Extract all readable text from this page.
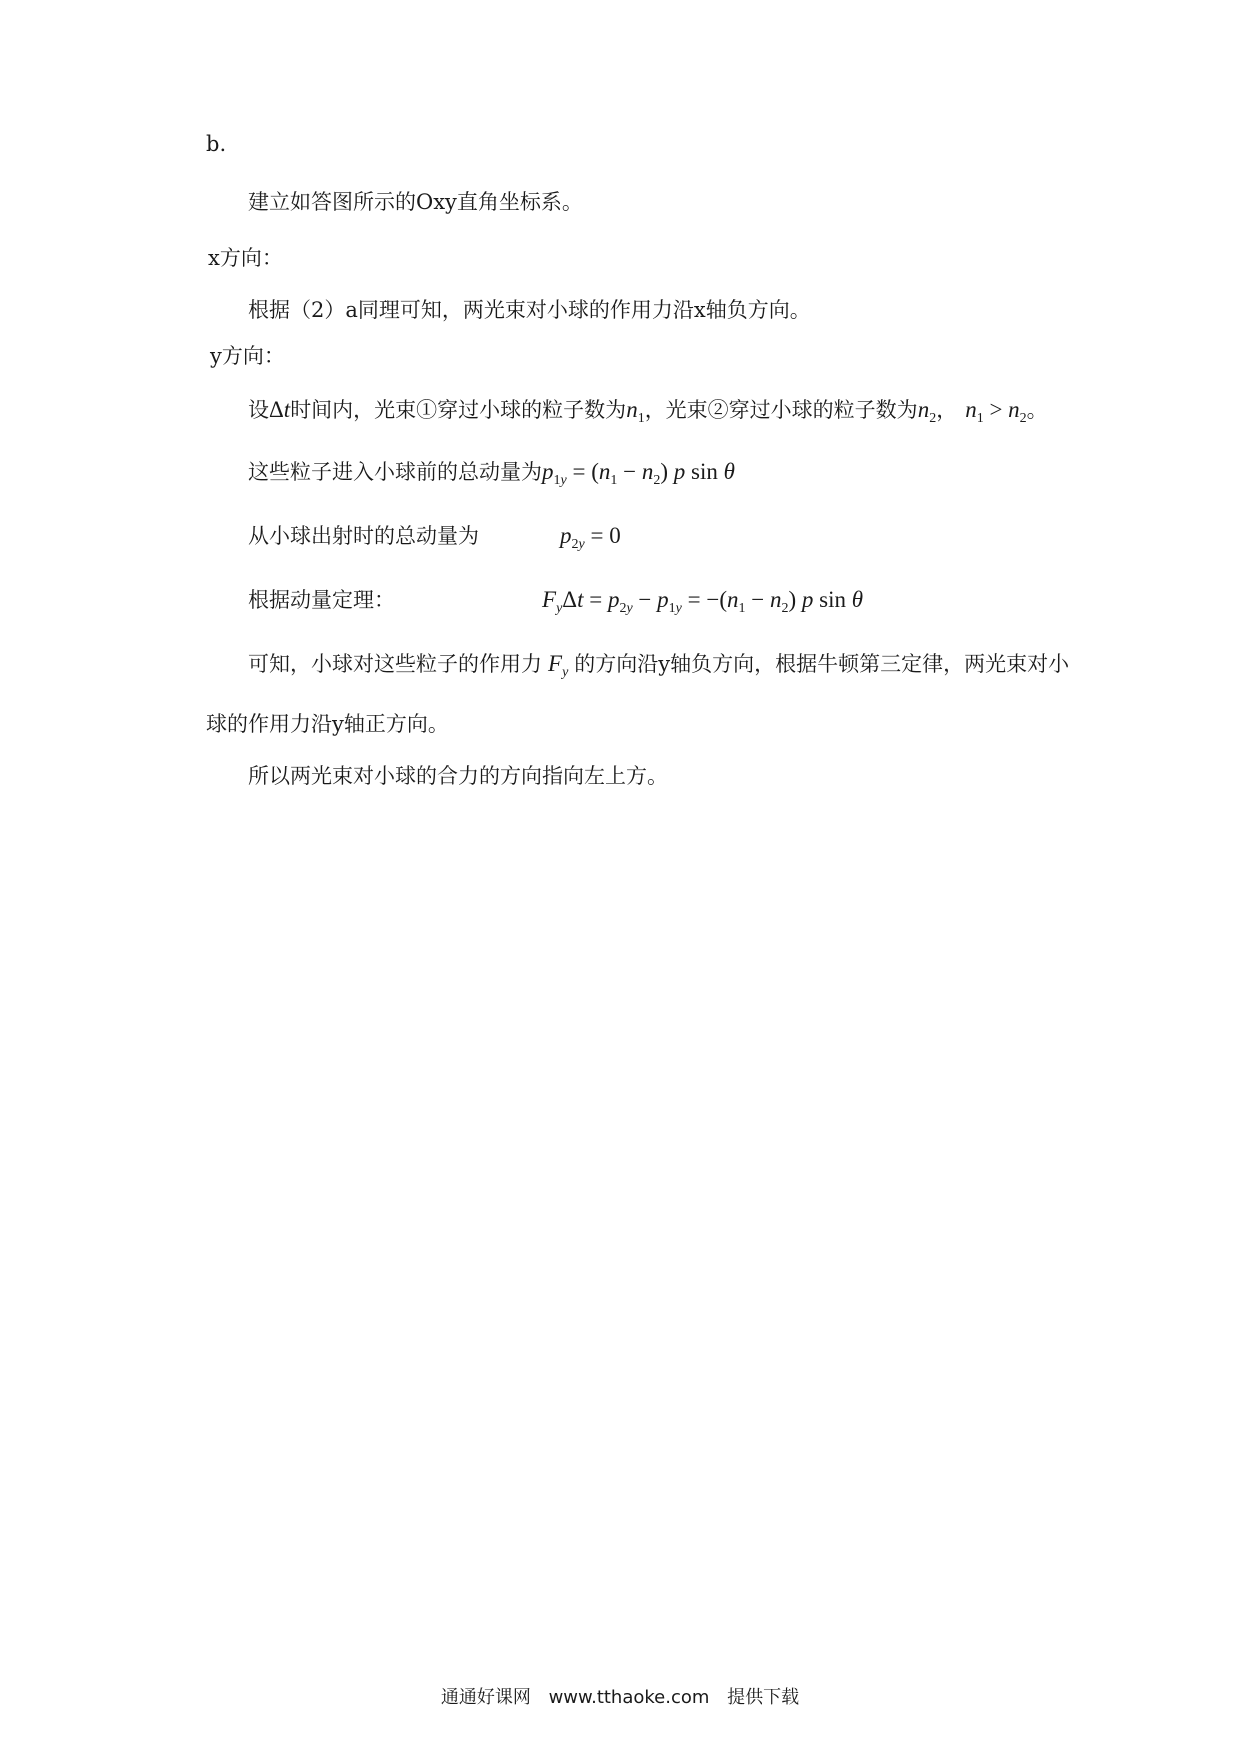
b.
建立如答图所示的Oxy直角坐标系。
x方向：
根据（2）a同理可知，两光束对小球的作用力沿x轴负方向。
y方向：
设Δt时间内，光束①穿过小球的粒子数为$n_1$，光束②穿过小球的粒子数为$n_2$， $n_1 > n_2$。
这些粒子进入小球前的总动量为$p_{1y} = (n_1 - n_2)$ p sin θ
从小球出射时的总动量为	$p_{2y} = 0$
根据动量定理：	$F_y\Delta t = p_{2y} - p_{1y} = -(n_1 - n_2)$ p sin θ
可知，小球对这些粒子的作用力 $F_y$ 的方向沿y轴负方向，根据牛顿第三定律，两光束对小
球的作用力沿y轴正方向。
所以两光束对小球的合力的方向指向左上方。
通通好课网 www.tthaoke.com 提供下载
